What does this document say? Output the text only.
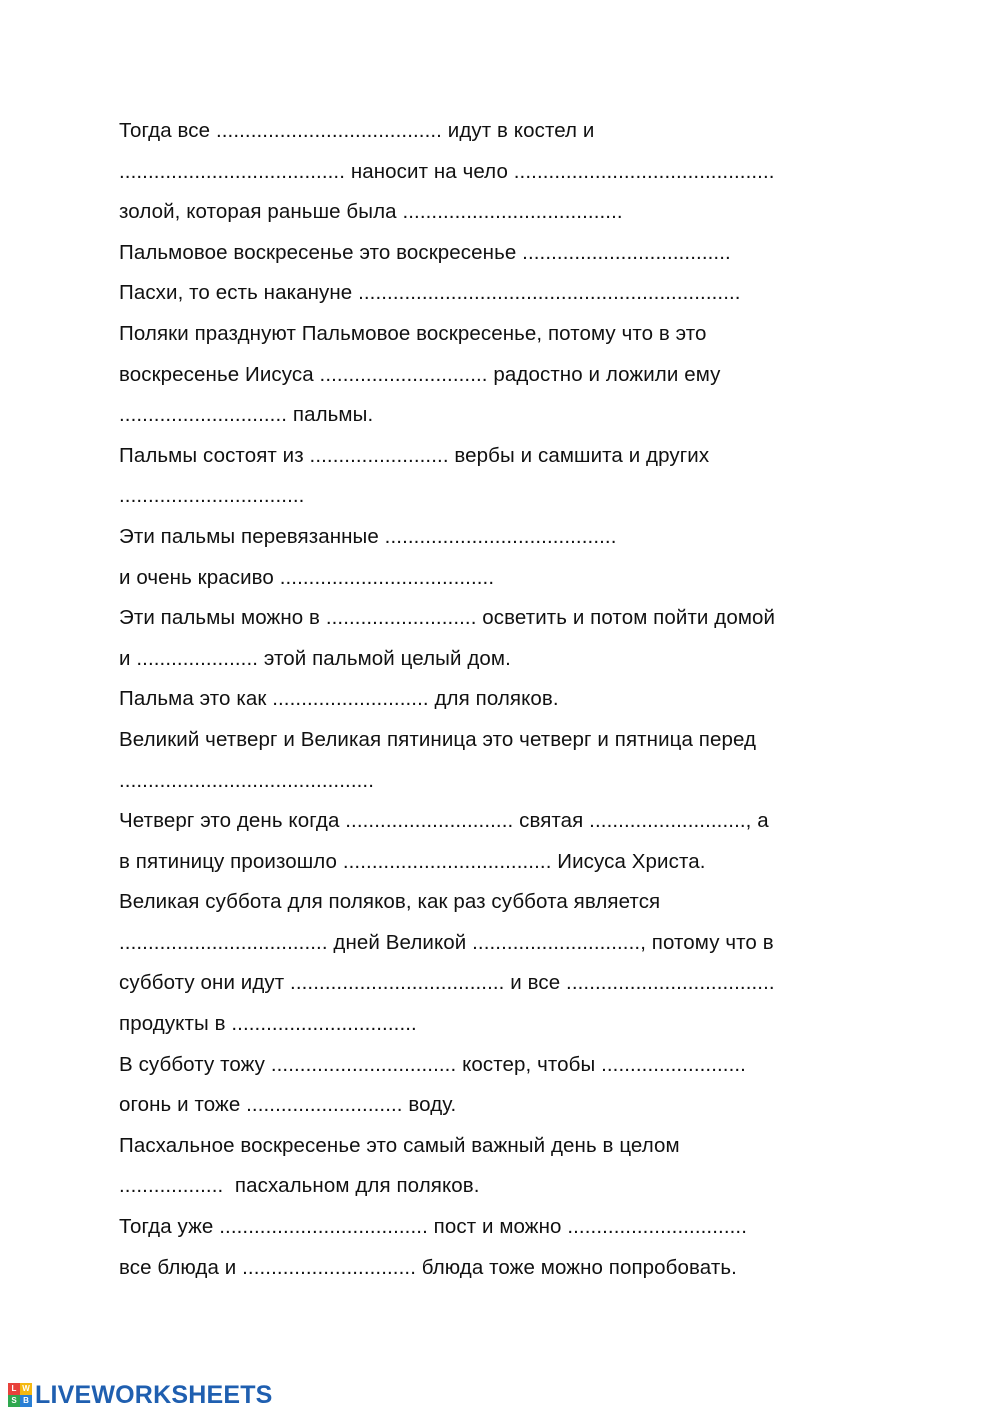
Тогда все ....................................... идут в костел и
....................................... наносит на чело .............................................
золой, которая раньше была ......................................
Пальмовое воскресенье это воскресенье ....................................
Пасхи, то есть накануне ..................................................................
Поляки празднуют Пальмовое воскресенье, потому что в это
воскресенье Иисуса ............................. радостно и ложили ему
............................. пальмы.
Пальмы состоят из ........................ вербы и самшита и других
................................
Эти пальмы перевязанные ........................................
и очень красиво .....................................
Эти пальмы можно в .......................... осветить и потом пойти домой
и ..................... этой пальмой целый дом.
Пальма это как ........................... для поляков.
Великий четверг и Великая пятиница это четверг и пятница перед
............................................
Четверг это день когда ............................. святая ..........................., а
в пятиницу произошло .................................... Иисуса Христа.
Великая суббота для поляков, как раз суббота является
.................................... дней Великой ............................., потому что в
субботу они идут ..................................... и все ....................................
продукты в ................................
В субботу тожу ................................ костер, чтобы .........................
огонь и тоже ........................... воду.
Пасхальное воскресенье это самый важный день в целом
..................  пасхальном для поляков.
Тогда уже .................................... пост и можно ...............................
все блюда и .............................. блюда тоже можно попробовать.
L W
S B LIVEWORKSHEETS
